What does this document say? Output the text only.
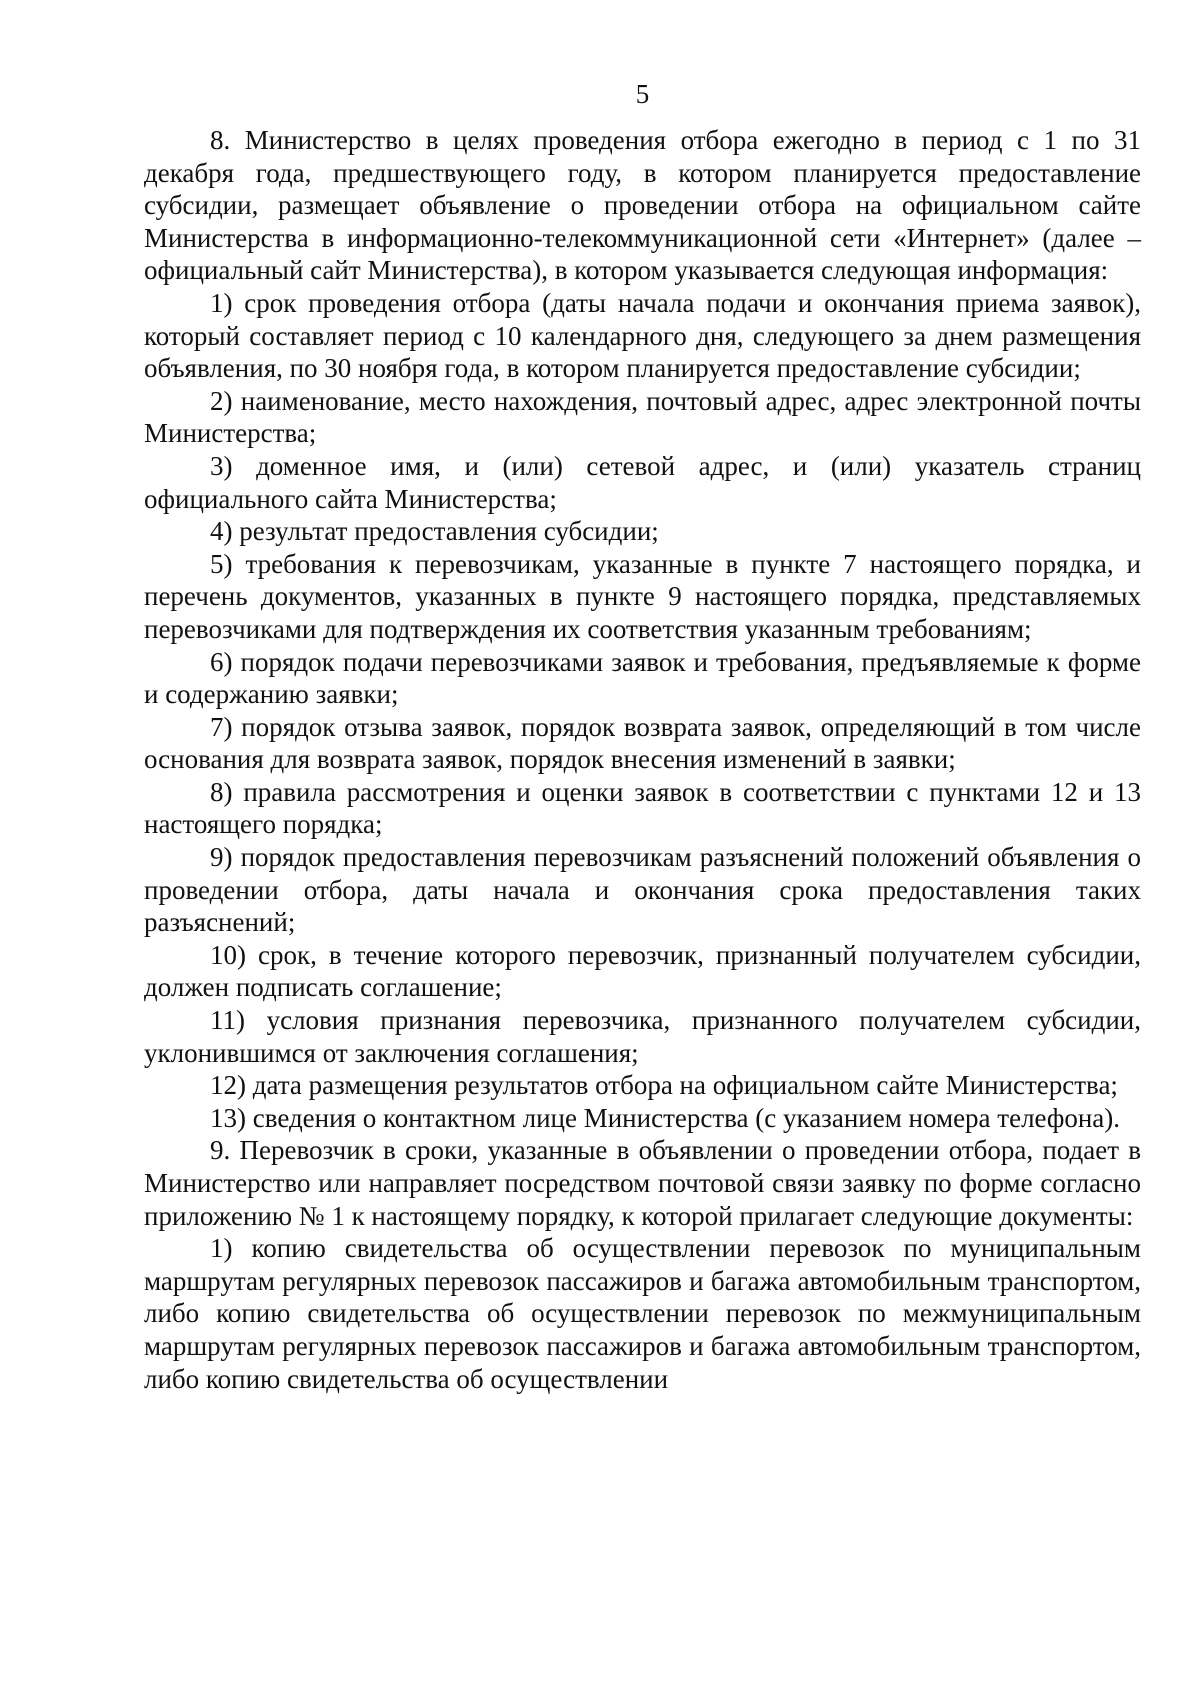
5

8. Министерство в целях проведения отбора ежегодно в период с 1 по 31 декабря года, предшествующего году, в котором планируется предоставление субсидии, размещает объявление о проведении отбора на официальном сайте Министерства в информационно-телекоммуникационной сети «Интернет» (далее – официальный сайт Министерства), в котором указывается следующая информация:

1) срок проведения отбора (даты начала подачи и окончания приема заявок), который составляет период с 10 календарного дня, следующего за днем размещения объявления, по 30 ноября года, в котором планируется предоставление субсидии;

2) наименование, место нахождения, почтовый адрес, адрес электронной почты Министерства;

3) доменное имя, и (или) сетевой адрес, и (или) указатель страниц официального сайта Министерства;

4) результат предоставления субсидии;

5) требования к перевозчикам, указанные в пункте 7 настоящего порядка, и перечень документов, указанных в пункте 9 настоящего порядка, представляемых перевозчиками для подтверждения их соответствия указанным требованиям;

6) порядок подачи перевозчиками заявок и требования, предъявляемые к форме и содержанию заявки;

7) порядок отзыва заявок, порядок возврата заявок, определяющий в том числе основания для возврата заявок, порядок внесения изменений в заявки;

8) правила рассмотрения и оценки заявок в соответствии с пунктами 12 и 13 настоящего порядка;

9) порядок предоставления перевозчикам разъяснений положений объявления о проведении отбора, даты начала и окончания срока предоставления таких разъяснений;

10) срок, в течение которого перевозчик, признанный получателем субсидии, должен подписать соглашение;

11) условия признания перевозчика, признанного получателем субсидии, уклонившимся от заключения соглашения;

12) дата размещения результатов отбора на официальном сайте Министерства;

13) сведения о контактном лице Министерства (с указанием номера телефона).

9. Перевозчик в сроки, указанные в объявлении о проведении отбора, подает в Министерство или направляет посредством почтовой связи заявку по форме согласно приложению № 1 к настоящему порядку, к которой прилагает следующие документы:

1) копию свидетельства об осуществлении перевозок по муниципальным маршрутам регулярных перевозок пассажиров и багажа автомобильным транспортом, либо копию свидетельства об осуществлении перевозок по межмуниципальным маршрутам регулярных перевозок пассажиров и багажа автомобильным транспортом, либо копию свидетельства об осуществлении
